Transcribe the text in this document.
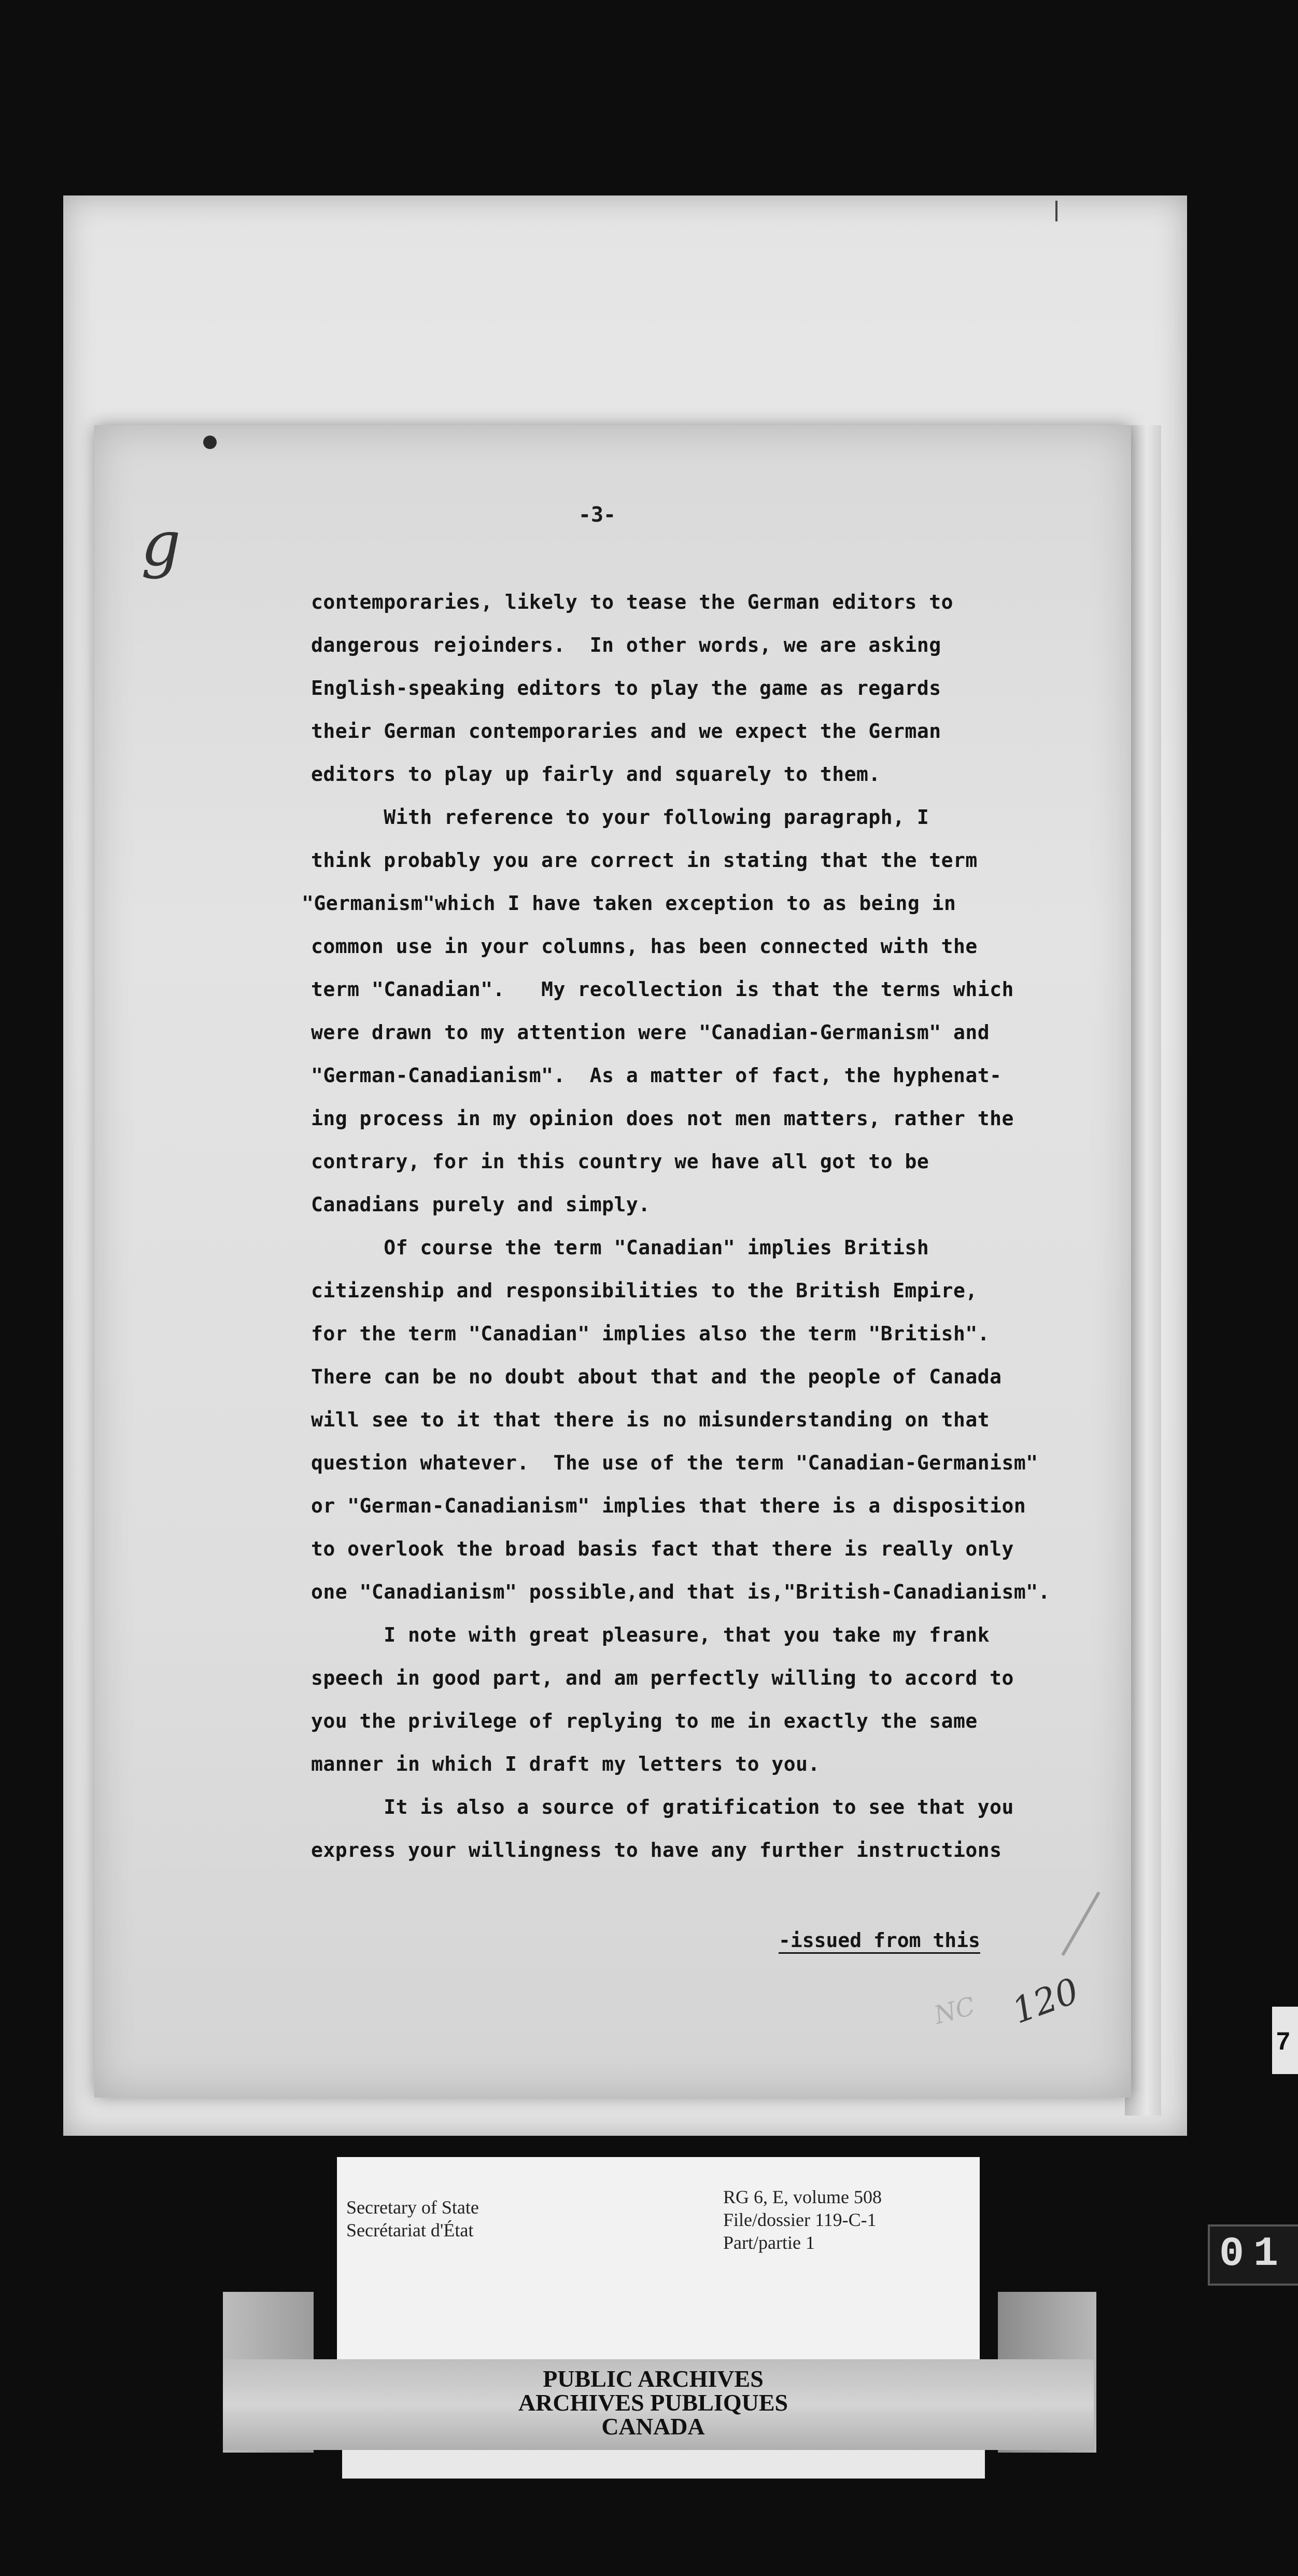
g	-3-
contemporaries, likely to tease the German editors to
dangerous rejoinders.  In other words, we are asking
English-speaking editors to play the game as regards
their German contemporaries and we expect the German
editors to play up fairly and squarely to them.
With reference to your following paragraph, I
think probably you are correct in stating that the term
"Germanism"which I have taken exception to as being in
common use in your columns, has been connected with the
term "Canadian".   My recollection is that the terms which
were drawn to my attention were "Canadian-Germanism" and
"German-Canadianism".  As a matter of fact, the hyphenat-
ing process in my opinion does not men matters, rather the
contrary, for in this country we have all got to be
Canadians purely and simply.
Of course the term "Canadian" implies British
citizenship and responsibilities to the British Empire,
for the term "Canadian" implies also the term "British".
There can be no doubt about that and the people of Canada
will see to it that there is no misunderstanding on that
question whatever.  The use of the term "Canadian-Germanism"
or "German-Canadianism" implies that there is a disposition
to overlook the broad basis fact that there is really only
one "Canadianism" possible,and that is,"British-Canadianism".
I note with great pleasure, that you take my frank
speech in good part, and am perfectly willing to accord to
you the privilege of replying to me in exactly the same
manner in which I draft my letters to you.
It is also a source of gratification to see that you
express your willingness to have any further instructions
-issued from this
NC 120
7
01
Secretary of State
Secrétariat d'État
RG 6, E, volume 508
File/dossier 119-C-1
Part/partie 1
PUBLIC ARCHIVES
ARCHIVES PUBLIQUES
CANADA
